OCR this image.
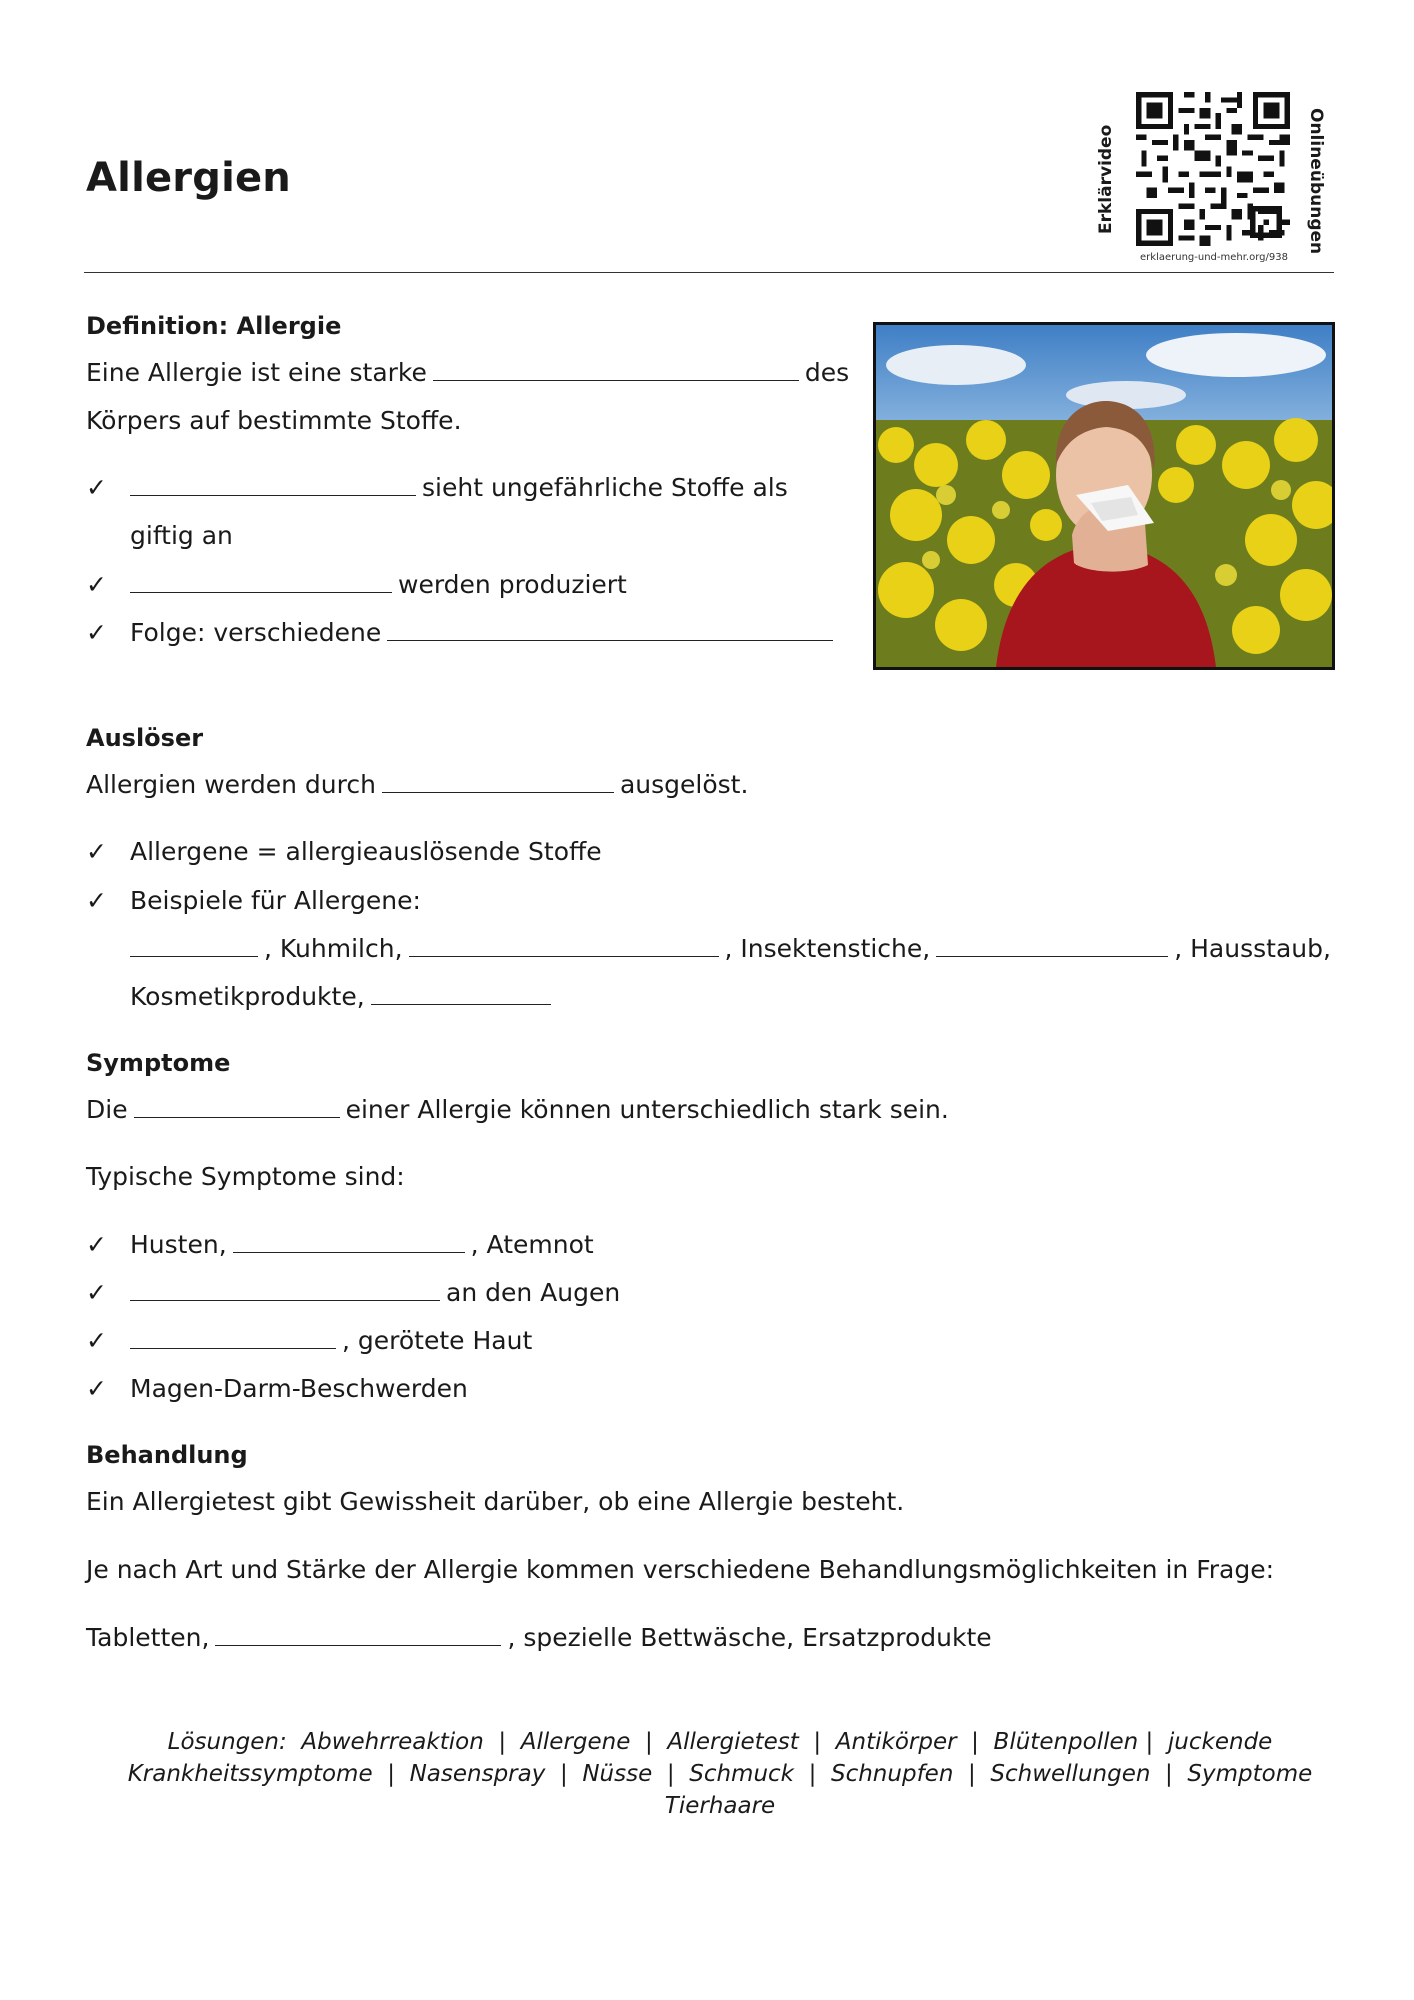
Allergien	Erklärvideo	Onlineübungen
erklaerung-und-mehr.org/938
Definition: Allergie
Eine Allergie ist eine starke	des
Körpers auf bestimmte Stoffe.
✓	sieht ungefährliche Stoffe als
giftig an
✓	werden produziert
✓ Folge: verschiedene
Auslöser
Allergien werden durch	ausgelöst.
✓ Allergene = allergieauslösende Stoffe
✓ Beispiele für Allergene:
, Kuhmilch,	, Insektenstiche,	, Hausstaub,
Kosmetikprodukte,
Symptome
Die	einer Allergie können unterschiedlich stark sein.
Typische Symptome sind:
✓ Husten,	, Atemnot
✓	an den Augen
✓	, gerötete Haut
✓ Magen-Darm-Beschwerden
Behandlung
Ein Allergietest gibt Gewissheit darüber, ob eine Allergie besteht.
Je nach Art und Stärke der Allergie kommen verschiedene Behandlungsmöglichkeiten in Frage:
Tabletten,	, spezielle Bettwäsche, Ersatzprodukte
Lösungen:  Abwehrreaktion  |  Allergene  |  Allergietest  |  Antikörper  |  Blütenpollen |  juckende
Krankheitssymptome  |  Nasenspray  |  Nüsse  |  Schmuck  |  Schnupfen  |  Schwellungen  |  Symptome
Tierhaare
